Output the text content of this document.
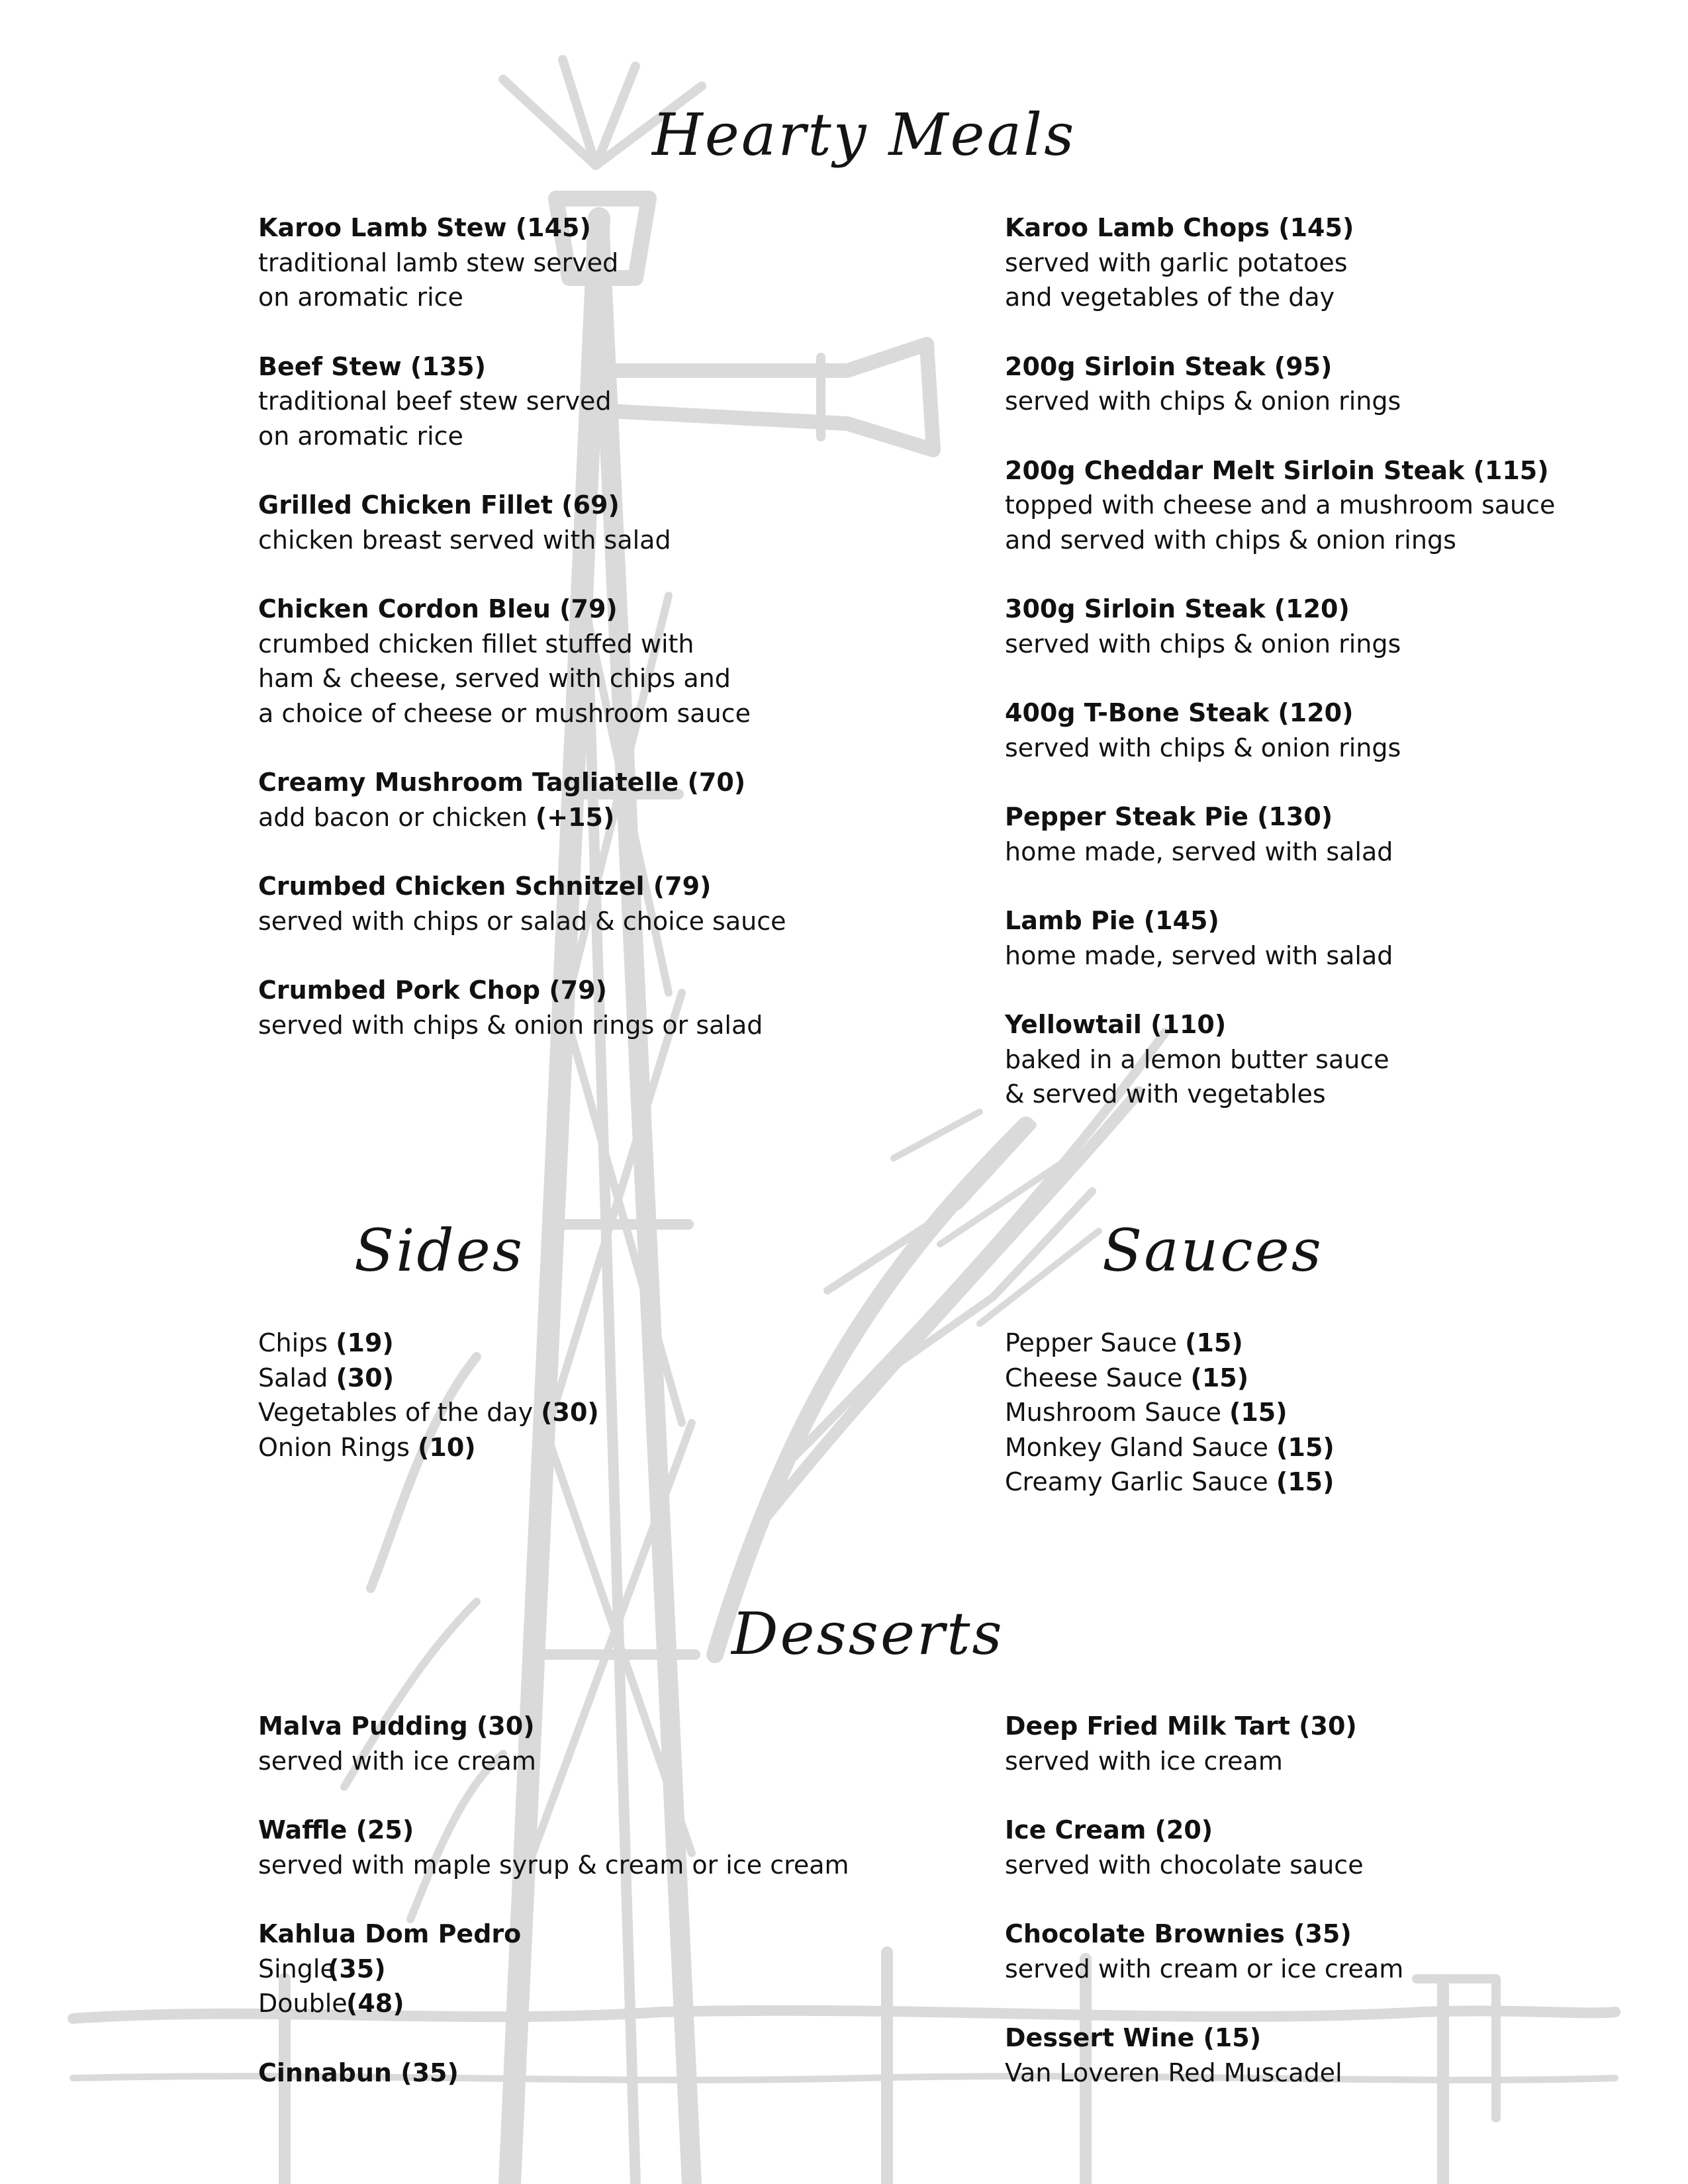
Hearty Meals
Karoo Lamb Stew (145)
traditional lamb stew served
on aromatic rice
Beef Stew (135)
traditional beef stew served
on aromatic rice
Grilled Chicken Fillet (69)
chicken breast served with salad
Chicken Cordon Bleu (79)
crumbed chicken fillet stuffed with
ham & cheese, served with chips and
a choice of cheese or mushroom sauce
Creamy Mushroom Tagliatelle (70)
add bacon or chicken (+15)
Crumbed Chicken Schnitzel (79)
served with chips or salad & choice sauce
Crumbed Pork Chop (79)
served with chips & onion rings or salad
Karoo Lamb Chops (145)
served with garlic potatoes
and vegetables of the day
200g Sirloin Steak (95)
served with chips & onion rings
200g Cheddar Melt Sirloin Steak (115)
topped with cheese and a mushroom sauce
and served with chips & onion rings
300g Sirloin Steak (120)
served with chips & onion rings
400g T-Bone Steak (120)
served with chips & onion rings
Pepper Steak Pie (130)
home made, served with salad
Lamb Pie (145)
home made, served with salad
Yellowtail (110)
baked in a lemon butter sauce
& served with vegetables
Sides
Chips (19)
Salad (30)
Vegetables of the day (30)
Onion Rings (10)
Sauces
Pepper Sauce (15)
Cheese Sauce (15)
Mushroom Sauce (15)
Monkey Gland Sauce (15)
Creamy Garlic Sauce (15)
Desserts
Malva Pudding (30)
served with ice cream
Waffle (25)
served with maple syrup & cream or ice cream
Kahlua Dom Pedro
Single(35)
Double(48)
Cinnabun (35)
Deep Fried Milk Tart (30)
served with ice cream
Ice Cream (20)
served with chocolate sauce
Chocolate Brownies (35)
served with cream or ice cream
Dessert Wine (15)
Van Loveren Red Muscadel
